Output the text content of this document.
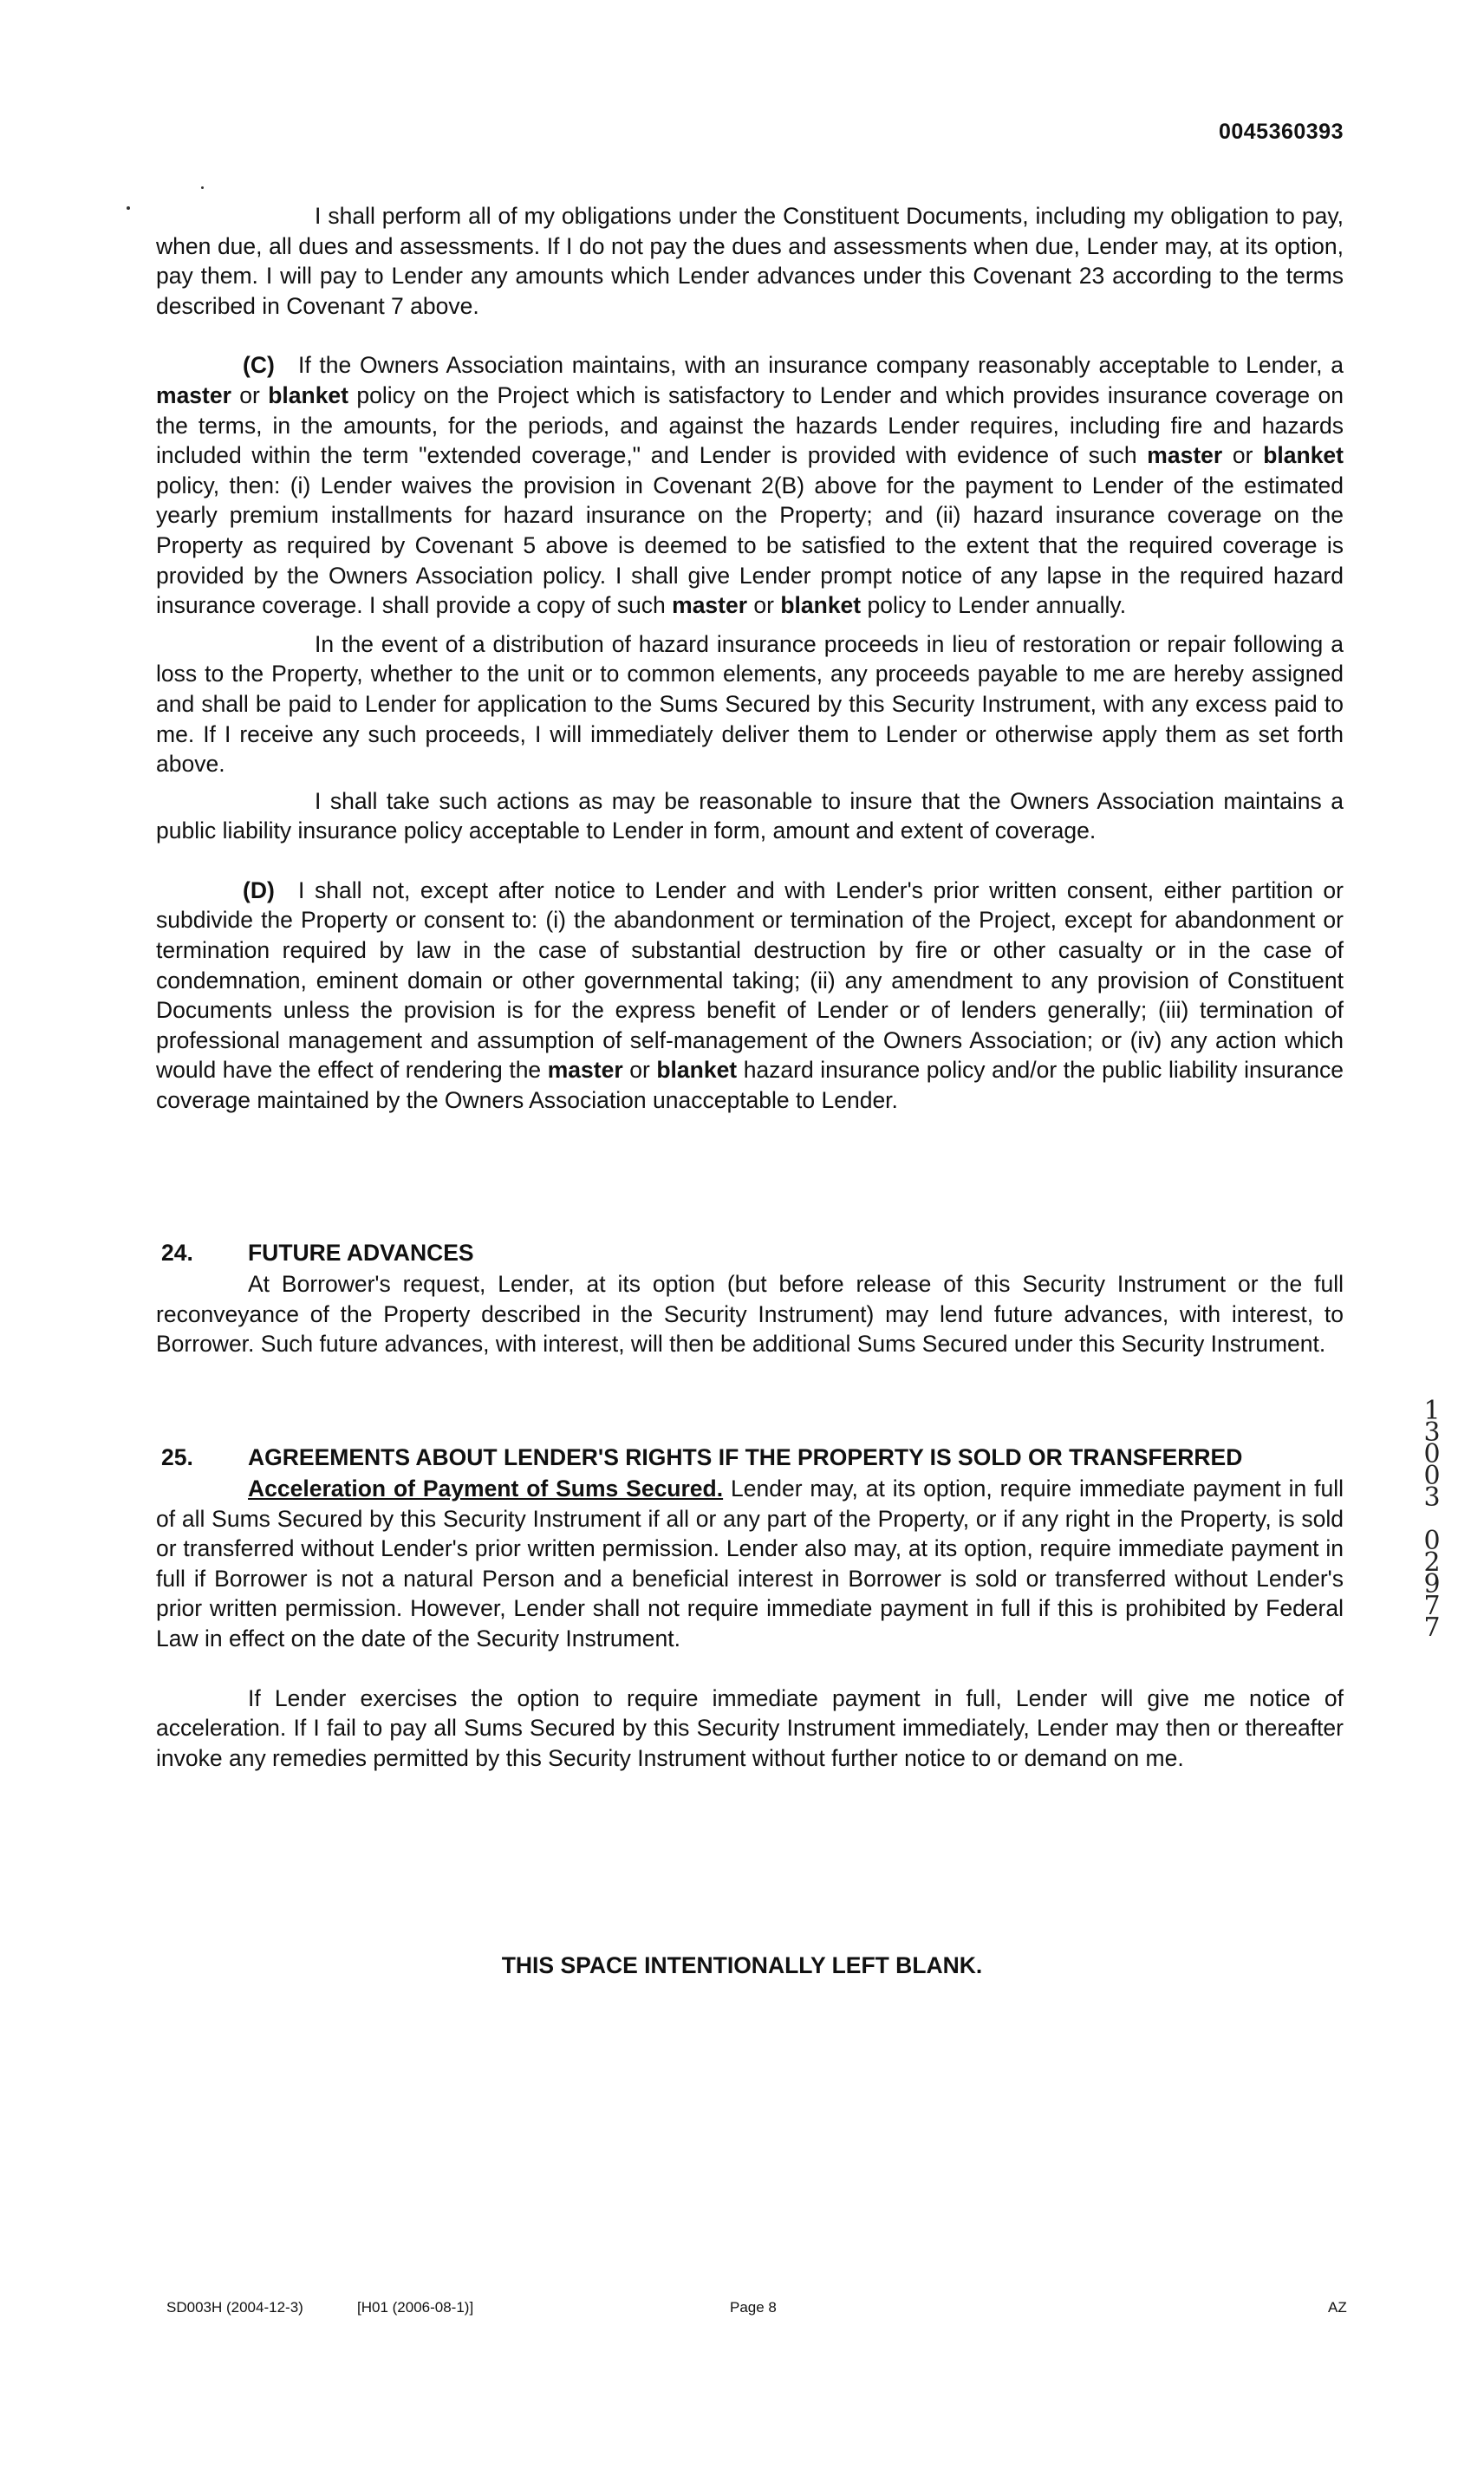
0045360393

I shall perform all of my obligations under the Constituent Documents, including my obligation to pay, when due, all dues and assessments. If I do not pay the dues and assessments when due, Lender may, at its option, pay them. I will pay to Lender any amounts which Lender advances under this Covenant 23 according to the terms described in Covenant 7 above.

(C) If the Owners Association maintains, with an insurance company reasonably acceptable to Lender, a master or blanket policy on the Project which is satisfactory to Lender and which provides insurance coverage on the terms, in the amounts, for the periods, and against the hazards Lender requires, including fire and hazards included within the term "extended coverage," and Lender is provided with evidence of such master or blanket policy, then: (i) Lender waives the provision in Covenant 2(B) above for the payment to Lender of the estimated yearly premium installments for hazard insurance on the Property; and (ii) hazard insurance coverage on the Property as required by Covenant 5 above is deemed to be satisfied to the extent that the required coverage is provided by the Owners Association policy. I shall give Lender prompt notice of any lapse in the required hazard insurance coverage. I shall provide a copy of such master or blanket policy to Lender annually.

In the event of a distribution of hazard insurance proceeds in lieu of restoration or repair following a loss to the Property, whether to the unit or to common elements, any proceeds payable to me are hereby assigned and shall be paid to Lender for application to the Sums Secured by this Security Instrument, with any excess paid to me. If I receive any such proceeds, I will immediately deliver them to Lender or otherwise apply them as set forth above.

I shall take such actions as may be reasonable to insure that the Owners Association maintains a public liability insurance policy acceptable to Lender in form, amount and extent of coverage.

(D) I shall not, except after notice to Lender and with Lender's prior written consent, either partition or subdivide the Property or consent to: (i) the abandonment or termination of the Project, except for abandonment or termination required by law in the case of substantial destruction by fire or other casualty or in the case of condemnation, eminent domain or other governmental taking; (ii) any amendment to any provision of Constituent Documents unless the provision is for the express benefit of Lender or of lenders generally; (iii) termination of professional management and assumption of self-management of the Owners Association; or (iv) any action which would have the effect of rendering the master or blanket hazard insurance policy and/or the public liability insurance coverage maintained by the Owners Association unacceptable to Lender.

24. FUTURE ADVANCES

At Borrower's request, Lender, at its option (but before release of this Security Instrument or the full reconveyance of the Property described in the Security Instrument) may lend future advances, with interest, to Borrower. Such future advances, with interest, will then be additional Sums Secured under this Security Instrument.

25. AGREEMENTS ABOUT LENDER'S RIGHTS IF THE PROPERTY IS SOLD OR TRANSFERRED

Acceleration of Payment of Sums Secured. Lender may, at its option, require immediate payment in full of all Sums Secured by this Security Instrument if all or any part of the Property, or if any right in the Property, is sold or transferred without Lender's prior written permission. Lender also may, at its option, require immediate payment in full if Borrower is not a natural Person and a beneficial interest in Borrower is sold or transferred without Lender's prior written permission. However, Lender shall not require immediate payment in full if this is prohibited by Federal Law in effect on the date of the Security Instrument.

If Lender exercises the option to require immediate payment in full, Lender will give me notice of acceleration. If I fail to pay all Sums Secured by this Security Instrument immediately, Lender may then or thereafter invoke any remedies permitted by this Security Instrument without further notice to or demand on me.

THIS SPACE INTENTIONALLY LEFT BLANK.
1
3
0
0
3
0
2
9
7
7
SD003H (2004-12-3)	[H01 (2006-08-1)]	Page 8	AZ
